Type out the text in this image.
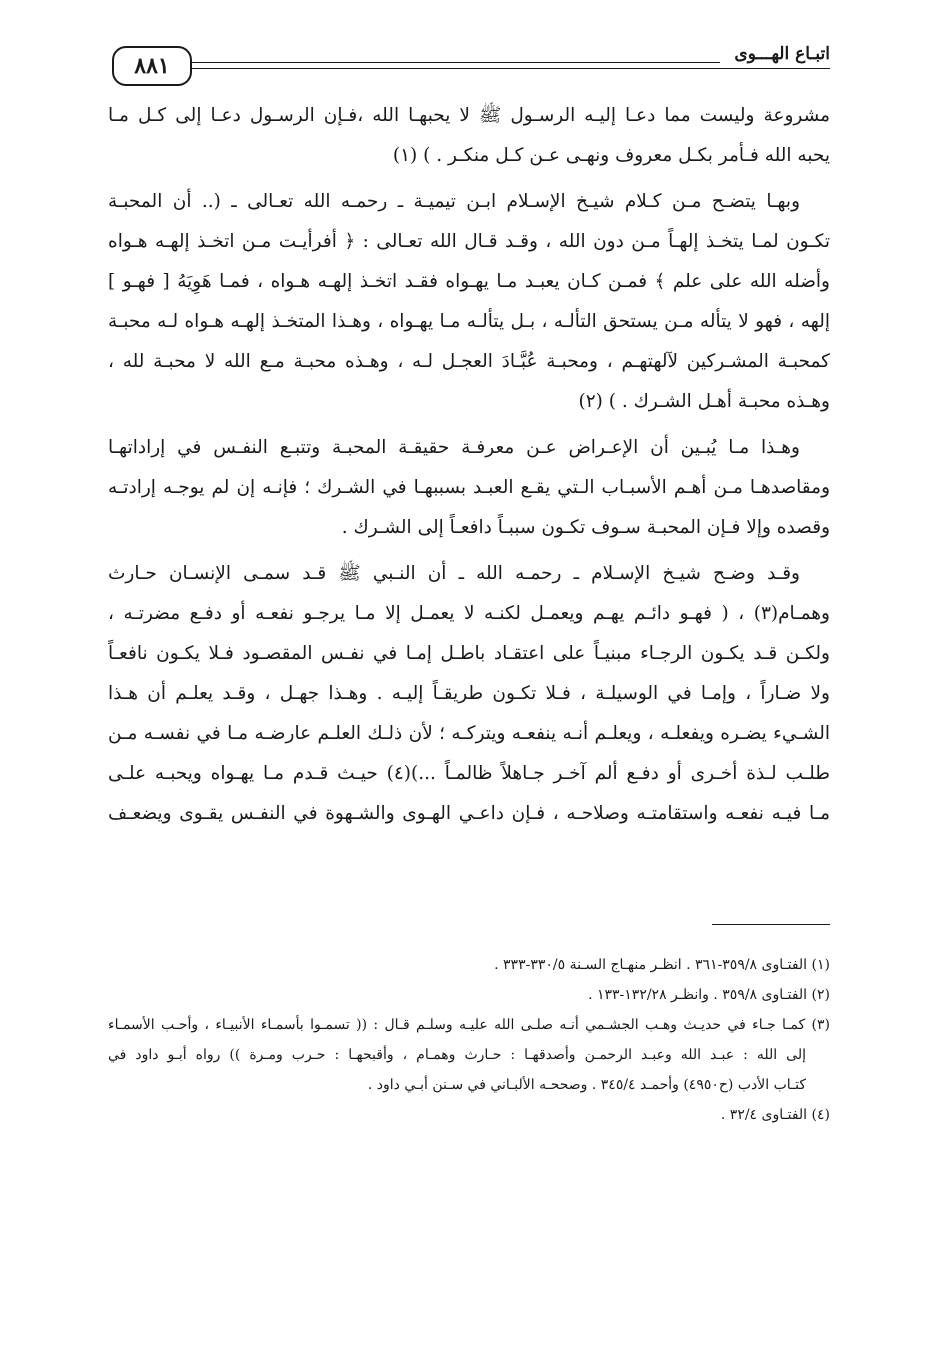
٨٨١	اتبـاع الهـــوى
مشروعة وليست مما دعـا إليـه الرسـول ﷺ لا يحبهـا الله ،فـإن الرسـول دعـا إلى كـل مـا
يحبه الله فـأمر بكـل معروف ونهـى عـن كـل منكـر . ) (١)
وبهـا يتضـح مـن كـلام شيـخ الإسـلام ابـن تيميـة ـ رحمـه الله تعـالى ـ (.. أن المحبـة
تكـون لمـا يتخـذ إلهـاً مـن دون الله ، وقـد قـال الله تعـالى : ﴿ أفرأيـت مـن اتخـذ إلهـه هـواه
وأضله الله على علم ﴾ فمـن كـان يعبـد مـا يهـواه فقـد اتخـذ إلهـه هـواه ، فمـا هَوِيَهُ [ فهـو ]
إلهه ، فهو لا يتأله مـن يستحق التألـه ، بـل يتألـه مـا يهـواه ، وهـذا المتخـذ إلهـه هـواه لـه محبـة
كمحبـة المشـركين لآلهتهـم ، ومحبـة عُبَّـادَ العجـل لـه ، وهـذه محبـة مـع الله لا محبـة لله ،
وهـذه محبـة أهـل الشـرك . ) (٢)
وهـذا مـا يُبـين أن الإعـراض عـن معرفـة حقيقـة المحبـة وتتبـع النفـس في إراداتهـا
ومقاصدهـا مـن أهـم الأسبـاب الـتي يقـع العبـد بسببهـا في الشـرك ؛ فإنـه إن لم يوجـه إرادتـه
وقصده وإلا فـإن المحبـة سـوف تكـون سببـاً دافعـاً إلى الشـرك .
وقـد وضـح شيـخ الإسـلام ـ رحمـه الله ـ أن النـبي ﷺ قـد سمـى الإنسـان حـارث
وهمـام(٣) ، ( فهـو دائـم يهـم ويعمـل لكنـه لا يعمـل إلا مـا يرجـو نفعـه أو دفـع مضرتـه ،
ولكـن قـد يكـون الرجـاء مبنيـاً على اعتقـاد باطـل إمـا في نفـس المقصـود فـلا يكـون نافعـاً
ولا ضـاراً ، وإمـا في الوسيلـة ، فـلا تكـون طريقـاً إليـه . وهـذا جهـل ، وقـد يعلـم أن هـذا
الشـيء يضـره ويفعلـه ، ويعلـم أنـه ينفعـه ويتركـه ؛ لأن ذلـك العلـم عارضـه مـا في نفسـه مـن
طلـب لـذة أخـرى أو دفـع ألم آخـر جـاهلاً ظالمـاً ...)(٤) حيـث قـدم مـا يهـواه ويحبـه علـى
مـا فيـه نفعـه واستقامتـه وصلاحـه ، فـإن داعـي الهـوى والشـهوة في النفـس يقـوى ويضعـف
(١) الفتـاوى ٣٥٩/٨-٣٦١ . انظـر منهـاج السـنة ٣٣٠/٥-٣٣٣ .
(٢) الفتـاوى ٣٥٩/٨ . وانظـر ١٣٢/٢٨-١٣٣ .
(٣) كمـا جـاء في حديـث وهـب الجشـمي أنـه صلـى الله عليـه وسلـم قـال : (( تسمـوا بأسمـاء الأنبيـاء ، وأحـب الأسمـاء
إلى الله : عبـد الله وعبـد الرحمـن وأصدقهـا : حـارث وهمـام ، وأقبحهـا : حـرب ومـرة )) رواه أبـو داود في
كتـاب الأدب (ح٤٩٥٠) وأحمـد ٣٤٥/٤ . وصححـه الألبـاني في سـنن أبـي داود .
(٤) الفتـاوى ٣٢/٤ .
